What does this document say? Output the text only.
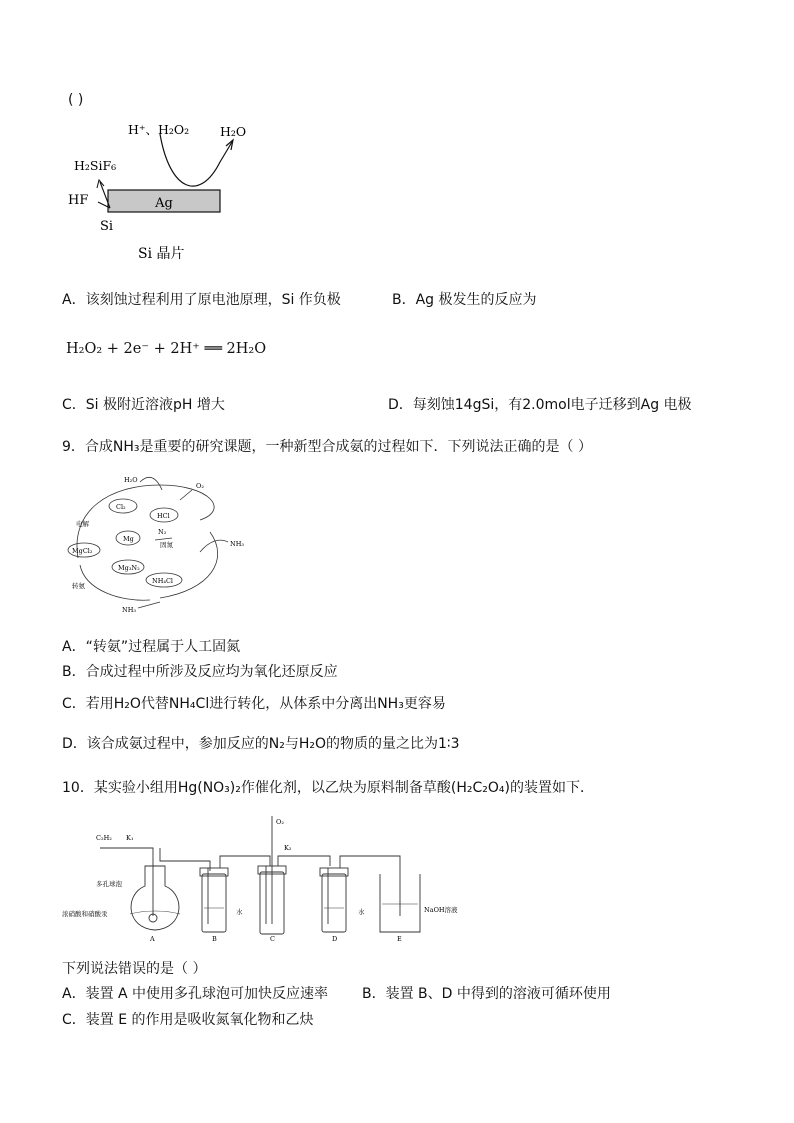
( )
Ag
H⁺、H₂O₂ H₂O
H₂SiF₆
HF
Si
Si 晶片
A．该刻蚀过程利用了原电池原理，Si 作负极	B．Ag 极发生的反应为
H₂O₂ + 2e⁻ + 2H⁺ ══ 2H₂O
C．Si 极附近溶液pH 增大	D．每刻蚀14gSi，有2.0mol电子迁移到Ag 电极
9．合成NH₃是重要的研究课题，一种新型合成氨的过程如下．下列说法正确的是（ ）
H₂O
O₂
Cl₂
HCl
电解
Mg
N₂
固氮
MgCl₂
Mg₃N₂
NH₃
转氨
NH₄Cl
NH₃
A．“转氨”过程属于人工固氮
B．合成过程中所涉及反应均为氧化还原反应
C．若用H₂O代替NH₄Cl进行转化，从体系中分离出NH₃更容易
D．该合成氨过程中，参加反应的N₂与H₂O的物质的量之比为1∶3
10．某实验小组用Hg(NO₃)₂作催化剂，以乙炔为原料制备草酸(H₂C₂O₄)的装置如下．
C₂H₂ K₁
O₂
K₂
多孔球泡
浓硝酸和硝酸汞	水	水	NaOH溶液
A	B	C	D	E
下列说法错误的是（ ）
A．装置 A 中使用多孔球泡可加快反应速率 B．装置 B、D 中得到的溶液可循环使用
C．装置 E 的作用是吸收氮氧化物和乙炔
